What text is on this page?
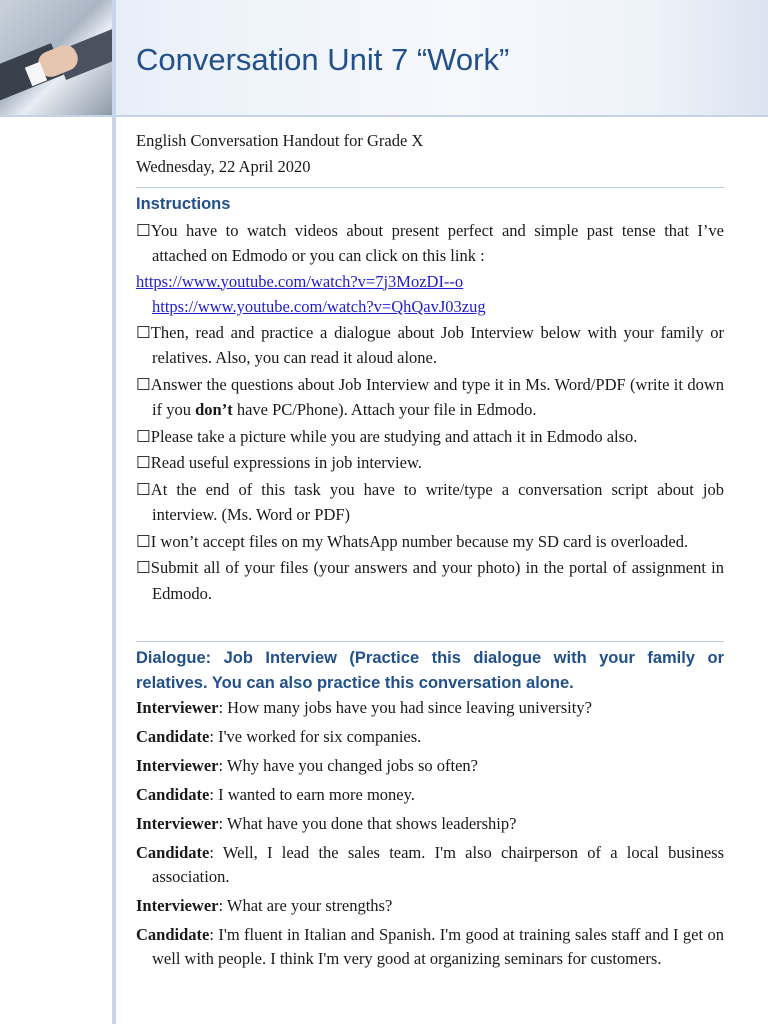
Conversation Unit 7 “Work”

English Conversation Handout for Grade X

Wednesday, 22 April 2020

Instructions

☐You have to watch videos about present perfect and simple past tense that I’ve attached on Edmodo or you can click on this link :

https://www.youtube.com/watch?v=7j3MozDI--o

https://www.youtube.com/watch?v=QhQavJ03zug

☐Then, read and practice a dialogue about Job Interview below with your family or relatives. Also, you can read it aloud alone.

☐Answer the questions about Job Interview and type it in Ms. Word/PDF (write it down if you don’t have PC/Phone). Attach your file in Edmodo.

☐Please take a picture while you are studying and attach it in Edmodo also.

☐Read useful expressions in job interview.

☐At the end of this task you have to write/type a conversation script about job interview. (Ms. Word or PDF)

☐I won’t accept files on my WhatsApp number because my SD card is overloaded.

☐Submit all of your files (your answers and your photo) in the portal of assignment in Edmodo.

Dialogue: Job Interview (Practice this dialogue with your family or relatives. You can also practice this conversation alone.

Interviewer: How many jobs have you had since leaving university?

Candidate: I've worked for six companies.

Interviewer: Why have you changed jobs so often?

Candidate: I wanted to earn more money.

Interviewer: What have you done that shows leadership?

Candidate: Well, I lead the sales team. I'm also chairperson of a local business association.

Interviewer: What are your strengths?

Candidate: I'm fluent in Italian and Spanish. I'm good at training sales staff and I get on well with people. I think I'm very good at organizing seminars for customers.
